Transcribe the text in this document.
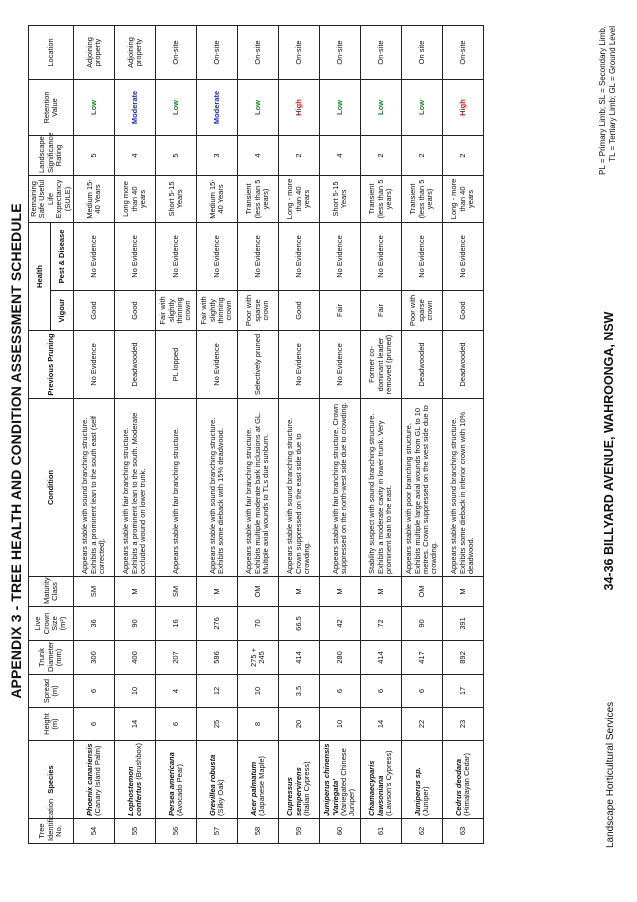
APPENDIX 3 - TREE HEALTH AND CONDITION ASSESSMENT SCHEDULE
Tree Identification No.	Species	Height (m)	Spread (m)	Trunk Diameter (mm)	Live Crown Size (m²)	Maturity Class	Condition	Previous Pruning	Health		Remaining Safe Useful Life Expectancy (SULE)	Landscape Significance Rating	Retention Value	Location
									Vigour	Pest & Disease				
54	Phoenix canariensis (Canary Island Palm)	6	6	300	36	SM	Appears stable with sound branching structure. Exhibits a prominent lean to the south east (self corrected).	No Evidence	Good	No Evidence	Medium 15-40 Years	5	Low	Adjoining property
55	Lophostemon confertus (Brushbox)	14	10	400	90	M	Appears stable with fair branching structure. Exhibits a prominent lean to the south. Moderate occluded wound on lower trunk.	Deadwooded	Good	No Evidence	Long more than 40 years	4	Moderate	Adjoining property
56	Persea americana (Avocado Pear)	6	4	207	16	SM	Appears stable with fair branching structure.	PL lopped	Fair with slightly thinning crown	No Evidence	Short 5-15 Years	5	Low	On-site
57	Grevillea robusta (Silky Oak)	25	12	586	276	M	Appears stable with sound branching structure. Exhibits some dieback with 15% deadwood.	No Evidence	Fair with slightly thinning crown	No Evidence	Medium 15-40 Years	3	Moderate	On-site
58	Acer palmatum (Japanese Maple)	8	10	275 + 245	70	OM	Appears stable with fair branching structure. Exhibits multiple moderate bark inclusions at GL. Multiple axial wounds to TLs due sunburn.	Selectively pruned	Poor with sparse crown	No Evidence	Transient (less than 5 years)	4	Low	On-site
59	Cupressus sempervirens (Italian Cypress)	20	3.5	414	66.5	M	Appears stable with sound branching structure. Crown suppressed on the east side due to crowding.	No Evidence	Good	No Evidence	Long - more than 40 years	2	High	On-site
60	Juniperus chinensis 'Variegata' (Variegated Chinese Juniper)	10	6	280	42	M	Appears stable with fair branching structure. Crown suppressed on the north-west side due to crowding.	No Evidence	Fair	No Evidence	Short 5-15 Years	4	Low	On-site
61	Chamaecyparis lawsoniana (Lawson's Cypress)	14	6	414	72	M	Stability suspect with sound branching structure. Exhibits a moderate cavity in lower trunk. Very prominent lean to the east.	Former co-dominant leader removed (pruned)	Fair	No Evidence	Transient (less than 5 years)	2	Low	On-site
62	Juniperus sp. (Juniper)	22	6	417	90	OM	Appears stable with poor branching structure. Exhibits multiple large axial wounds from GL to 10 metres. Crown suppressed on the west side due to crowding.	Deadwooded	Poor with sparse crown	No Evidence	Transient (less than 5 years)	2	Low	On site
63	Cedrus deodara (Himalayan Cedar)	23	17	892	391	M	Appears stable with sound branching structure. Exhibits some dieback in inferior crown with 10% deadwood.	Deadwooded	Good	No Evidence	Long - more than 40 years	2	High	On-site
Landscape Horticultural Services
34-36 BILLYARD AVENUE, WAHROONGA, NSW
PL = Primary Limb; SL = Secondary Limb, TL = Tertiary Limb; GL = Ground Level
